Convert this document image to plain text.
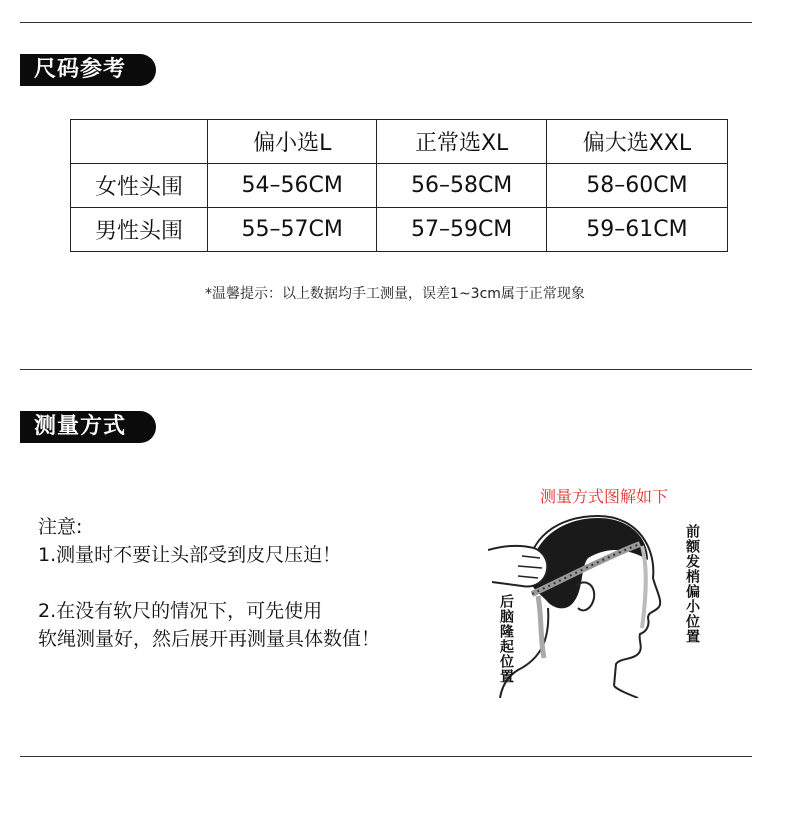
尺码参考
	偏小选L	正常选XL	偏大选XXL
女性头围	54–56CM	56–58CM	58–60CM
男性头围	55–57CM	57–59CM	59–61CM
*温馨提示：以上数据均手工测量，误差1~3cm属于正常现象
测量方式
注意:
1.测量时不要让头部受到皮尺压迫！
2.在没有软尺的情况下，可先使用
软绳测量好，然后展开再测量具体数值！
测量方式图解如下
前额发梢偏小位置
后脑隆起位置
